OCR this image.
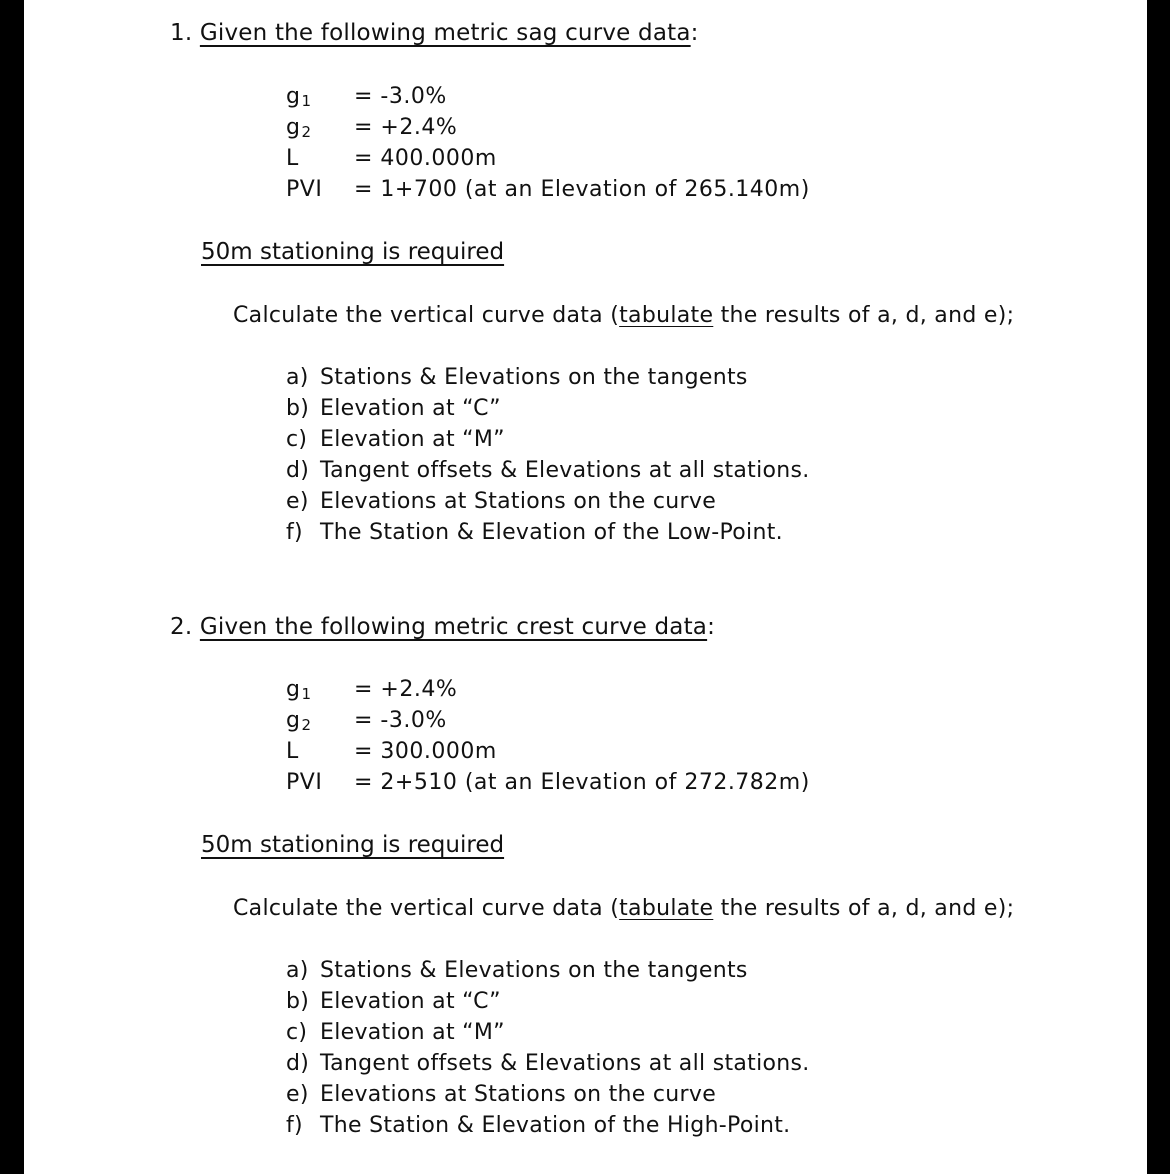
1. Given the following metric sag curve data:
$g_1 = -3.0\%$
$g_2 = +2.4\%$
L	= 400.000m
PVI = 1+700 (at an Elevation of 265.140m)
50m stationing is required
Calculate the vertical curve data (tabulate the results of a, d, and e);
a) Stations & Elevations on the tangents
b) Elevation at “C”
c) Elevation at “M”
d) Tangent offsets & Elevations at all stations.
e) Elevations at Stations on the curve
f) The Station & Elevation of the Low-Point.
2. Given the following metric crest curve data:
$g_1 = +2.4\%$
$g_2 = -3.0\%$
L	= 300.000m
PVI = 2+510 (at an Elevation of 272.782m)
50m stationing is required
Calculate the vertical curve data (tabulate the results of a, d, and e);
a) Stations & Elevations on the tangents
b) Elevation at “C”
c) Elevation at “M”
d) Tangent offsets & Elevations at all stations.
e) Elevations at Stations on the curve
f) The Station & Elevation of the High-Point.
